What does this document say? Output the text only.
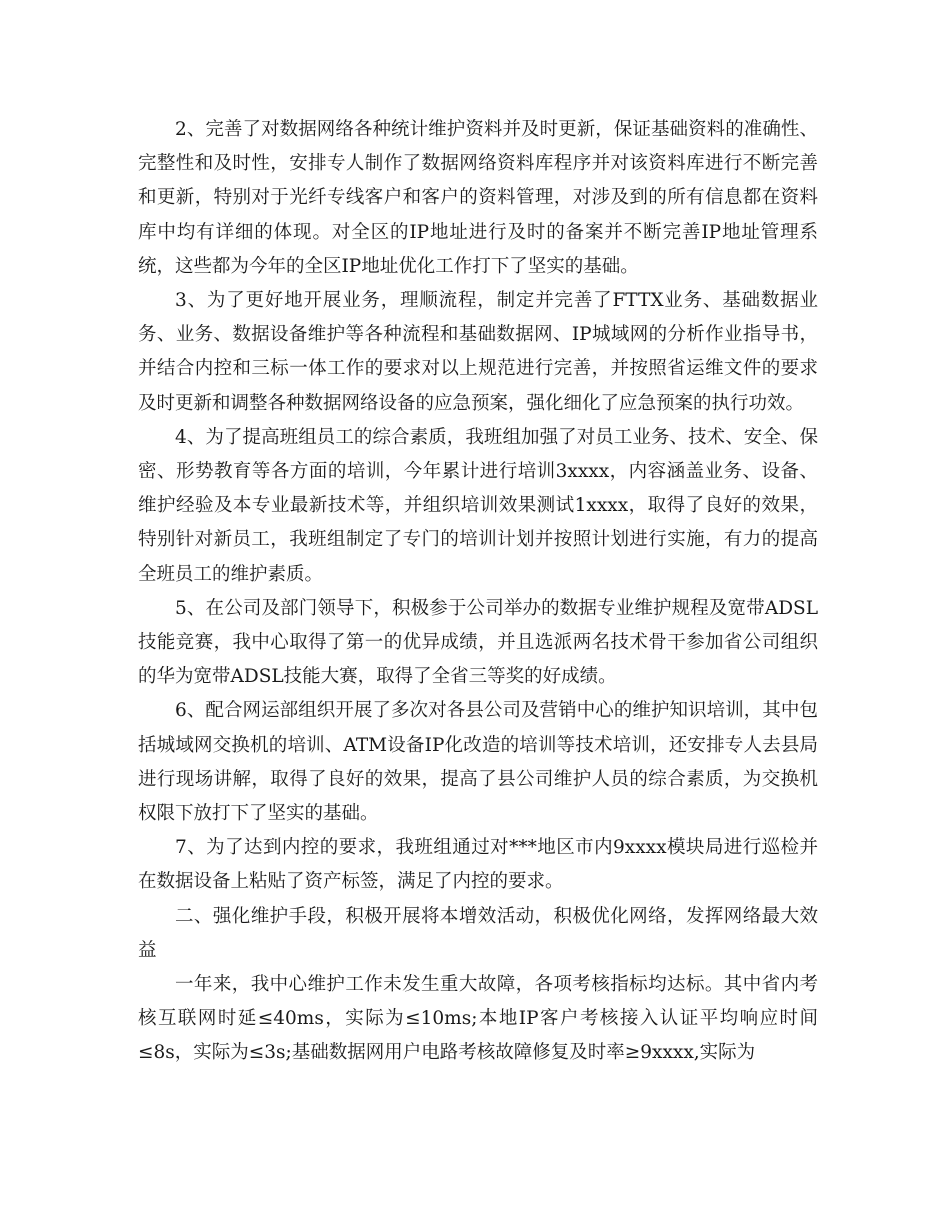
2、完善了对数据网络各种统计维护资料并及时更新，保证基础资料的准确性、完整性和及时性，安排专人制作了数据网络资料库程序并对该资料库进行不断完善和更新，特别对于光纤专线客户和客户的资料管理，对涉及到的所有信息都在资料库中均有详细的体现。对全区的IP地址进行及时的备案并不断完善IP地址管理系统，这些都为今年的全区IP地址优化工作打下了坚实的基础。

3、为了更好地开展业务，理顺流程，制定并完善了FTTX业务、基础数据业务、业务、数据设备维护等各种流程和基础数据网、IP城域网的分析作业指导书，并结合内控和三标一体工作的要求对以上规范进行完善，并按照省运维文件的要求及时更新和调整各种数据网络设备的应急预案，强化细化了应急预案的执行功效。

4、为了提高班组员工的综合素质，我班组加强了对员工业务、技术、安全、保密、形势教育等各方面的培训，今年累计进行培训3xxxx，内容涵盖业务、设备、维护经验及本专业最新技术等，并组织培训效果测试1xxxx，取得了良好的效果，特别针对新员工，我班组制定了专门的培训计划并按照计划进行实施，有力的提高全班员工的维护素质。

5、在公司及部门领导下，积极参于公司举办的数据专业维护规程及宽带ADSL技能竞赛，我中心取得了第一的优异成绩，并且选派两名技术骨干参加省公司组织的华为宽带ADSL技能大赛，取得了全省三等奖的好成绩。

6、配合网运部组织开展了多次对各县公司及营销中心的维护知识培训，其中包括城域网交换机的培训、ATM设备IP化改造的培训等技术培训，还安排专人去县局进行现场讲解，取得了良好的效果，提高了县公司维护人员的综合素质，为交换机权限下放打下了坚实的基础。

7、为了达到内控的要求，我班组通过对***地区市内9xxxx模块局进行巡检并在数据设备上粘贴了资产标签，满足了内控的要求。

二、强化维护手段，积极开展将本增效活动，积极优化网络，发挥网络最大效益

一年来，我中心维护工作未发生重大故障，各项考核指标均达标。其中省内考核互联网时延≤40ms，实际为≤10ms;本地IP客户考核接入认证平均响应时间≤8s，实际为≤3s;基础数据网用户电路考核故障修复及时率≥9xxxx,实际为
